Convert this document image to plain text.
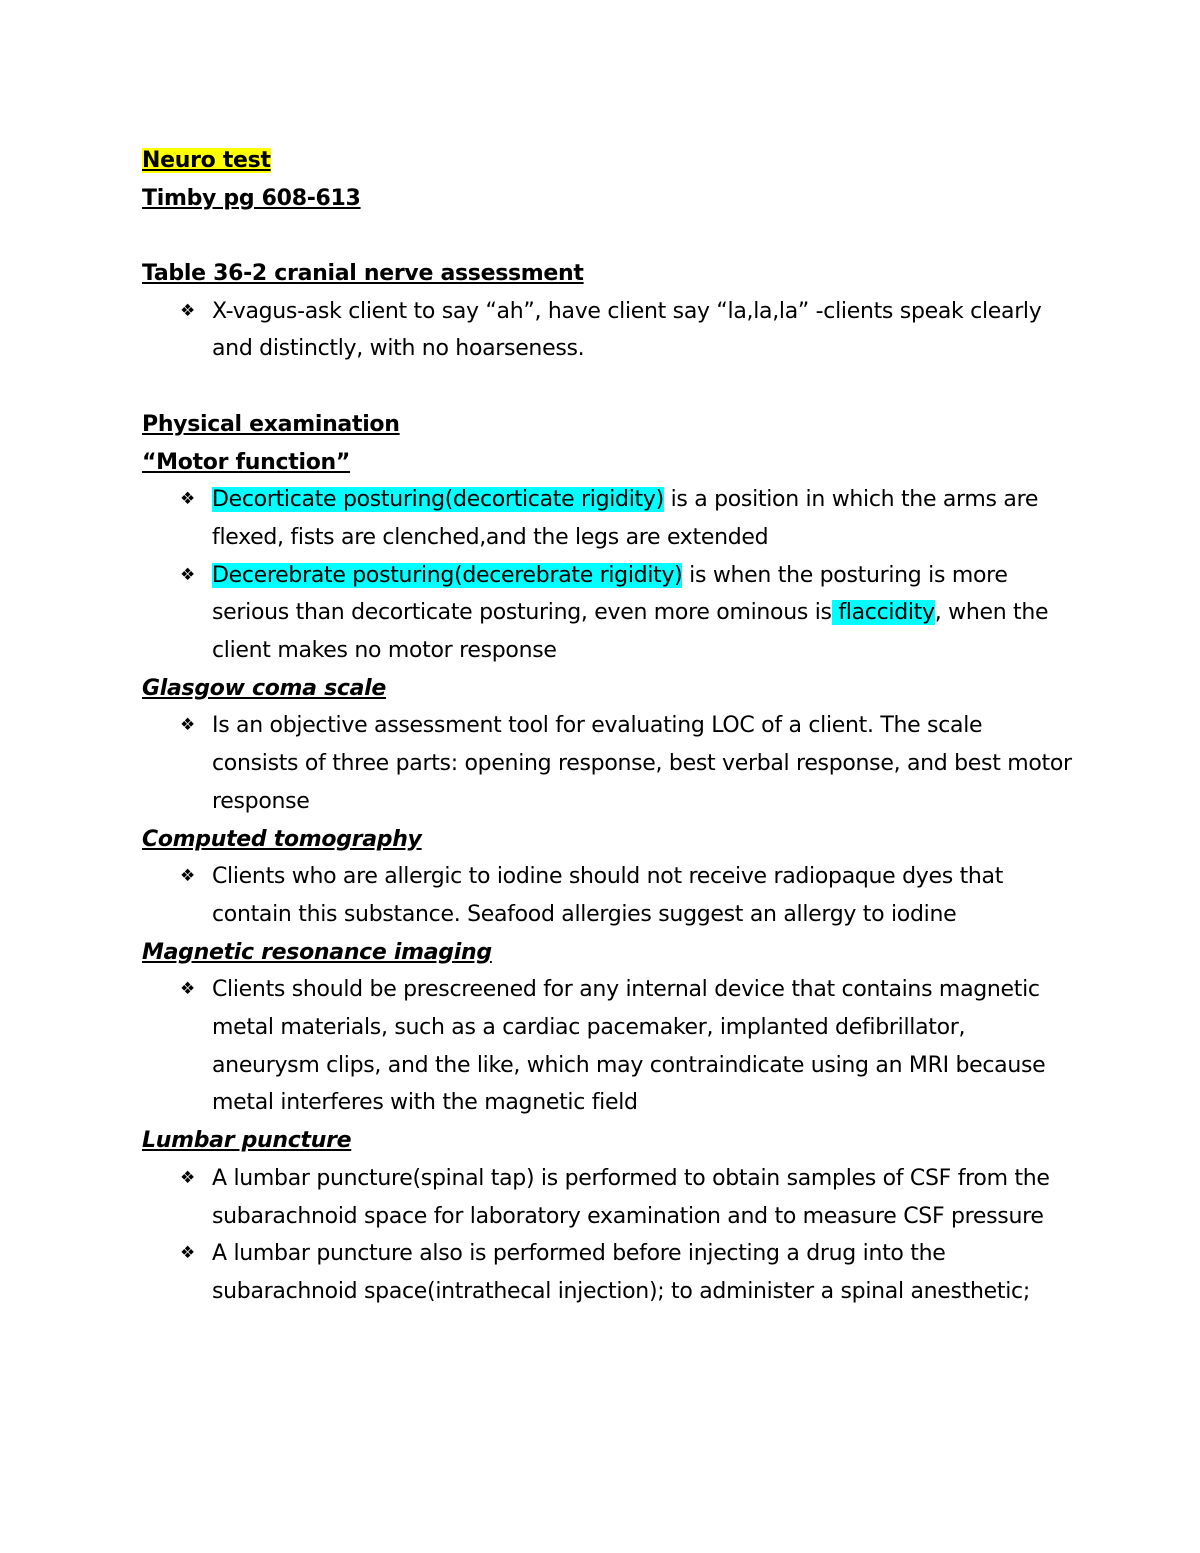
Neuro test
Timby pg 608-613
Table 36-2 cranial nerve assessment
❖ X-vagus-ask client to say “ah”, have client say “la,la,la” -clients speak clearly and distinctly, with no hoarseness.
Physical examination
“Motor function”
❖ Decorticate posturing(decorticate rigidity) is a position in which the arms are flexed, fists are clenched,and the legs are extended
❖ Decerebrate posturing(decerebrate rigidity) is when the posturing is more serious than decorticate posturing, even more ominous is flaccidity, when the client makes no motor response
Glasgow coma scale
❖ Is an objective assessment tool for evaluating LOC of a client. The scale consists of three parts: opening response, best verbal response, and best motor response
Computed tomography
❖ Clients who are allergic to iodine should not receive radiopaque dyes that contain this substance. Seafood allergies suggest an allergy to iodine
Magnetic resonance imaging
❖ Clients should be prescreened for any internal device that contains magnetic metal materials, such as a cardiac pacemaker, implanted defibrillator, aneurysm clips, and the like, which may contraindicate using an MRI because metal interferes with the magnetic field
Lumbar puncture
❖ A lumbar puncture(spinal tap) is performed to obtain samples of CSF from the subarachnoid space for laboratory examination and to measure CSF pressure
❖ A lumbar puncture also is performed before injecting a drug into the subarachnoid space(intrathecal injection); to administer a spinal anesthetic;
